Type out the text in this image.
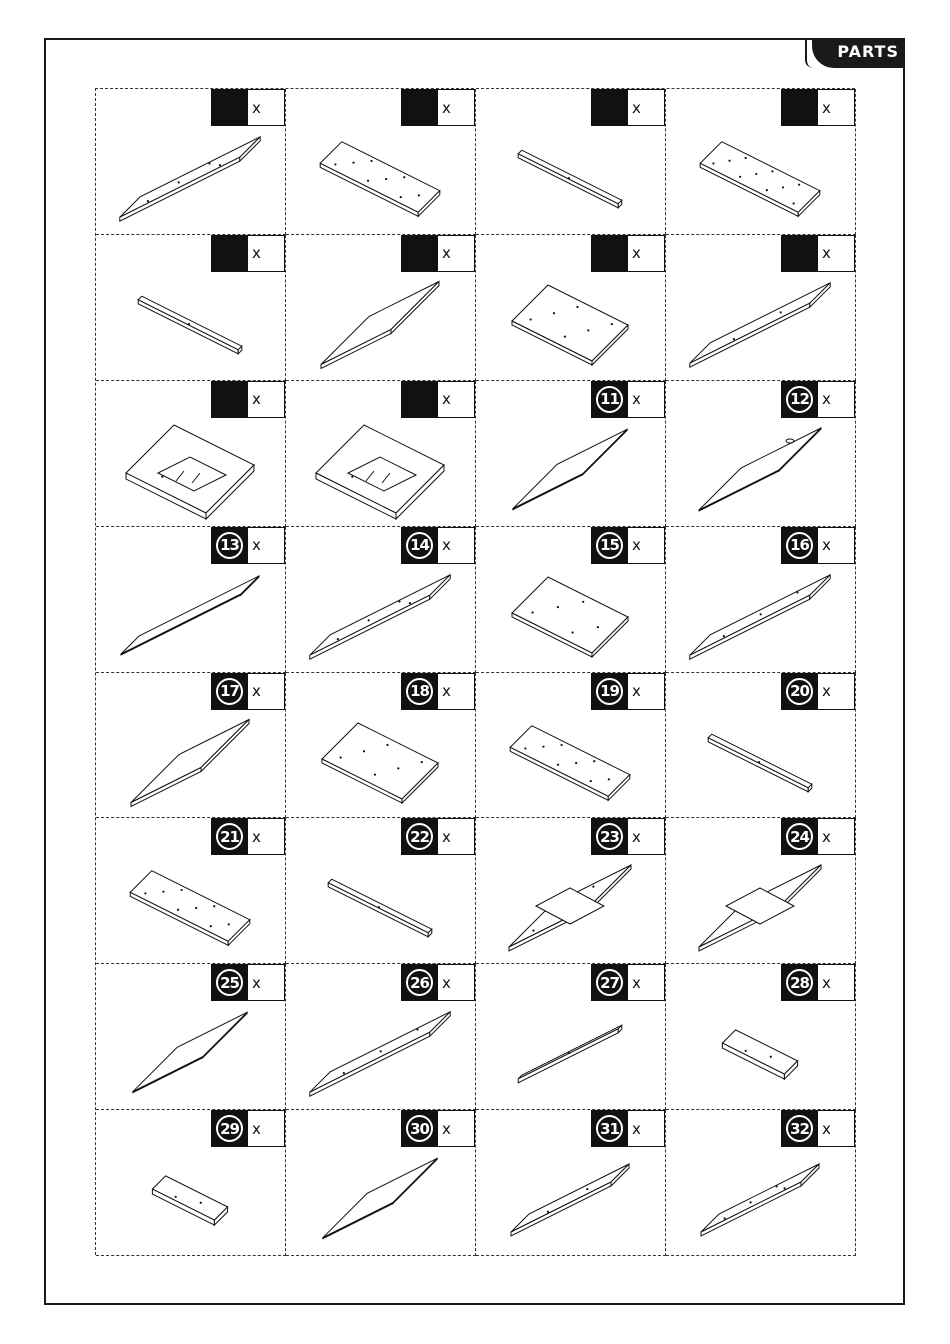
PARTS
x	x	x	x
x	x	x	x
x	x	11 x	12 x
13 x	14 x	15 x	16 x
17 x	18 x	19 x	20 x
21 x	22 x	23 x	24 x
25 x	26 x	27 x	28 x
29 x	30 x	31 x	32 x
